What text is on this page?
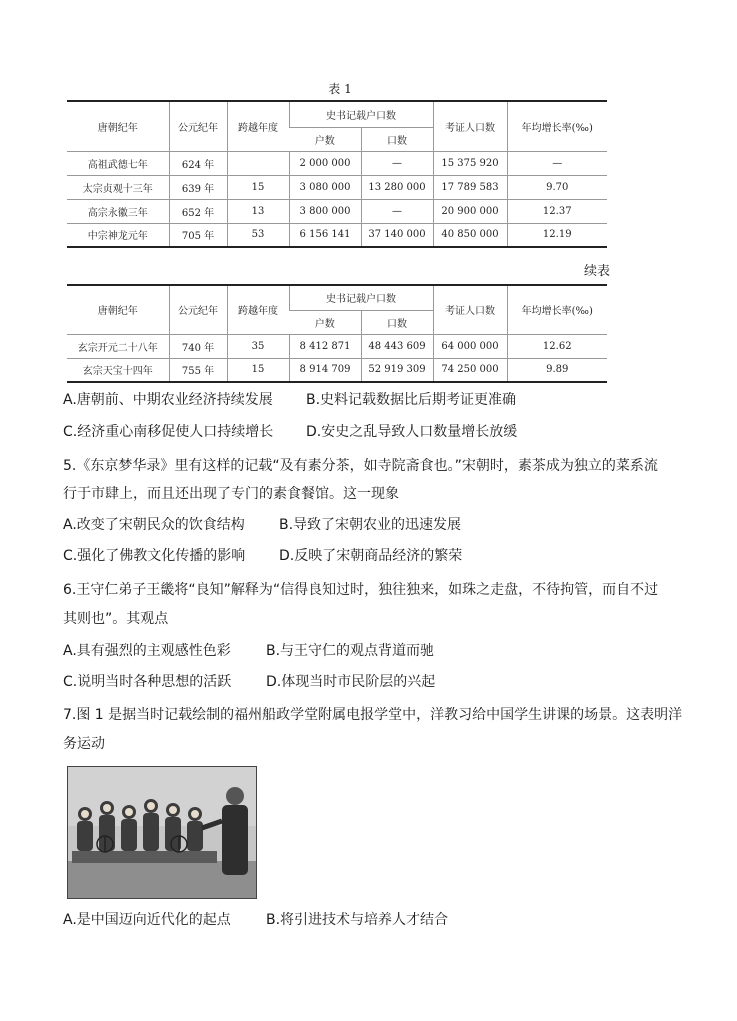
表 1
唐朝纪年	公元纪年	跨越年度	史书记载户口数		考证人口数	年均增长率(‰)
			户数	口数		
高祖武德七年	624 年		2 000 000	—	15 375 920	—
太宗贞观十三年	639 年	15	3 080 000	13 280 000	17 789 583	9.70
高宗永徽三年	652 年	13	3 800 000	—	20 900 000	12.37
中宗神龙元年	705 年	53	6 156 141	37 140 000	40 850 000	12.19
续表
唐朝纪年	公元纪年	跨越年度	史书记载户口数		考证人口数	年均增长率(‰)
			户数	口数		
玄宗开元二十八年	740 年	35	8 412 871	48 443 609	64 000 000	12.62
玄宗天宝十四年	755 年	15	8 914 709	52 919 309	74 250 000	9.89
A.唐朝前、中期农业经济持续发展 B.史料记载数据比后期考证更准确
C.经济重心南移促使人口持续增长 D.安史之乱导致人口数量增长放缓
5.《东京梦华录》里有这样的记载“及有素分茶，如寺院斋食也。”宋朝时，素茶成为独立的菜系流
行于市肆上，而且还出现了专门的素食餐馆。这一现象
A.改变了宋朝民众的饮食结构 B.导致了宋朝农业的迅速发展
C.强化了佛教文化传播的影响 D.反映了宋朝商品经济的繁荣
6.王守仁弟子王畿将“良知”解释为“信得良知过时，独往独来，如珠之走盘，不待拘管，而自不过
其则也”。其观点
A.具有强烈的主观感性色彩	B.与王守仁的观点背道而驰
C.说明当时各种思想的活跃 D.体现当时市民阶层的兴起
7.图 1 是据当时记载绘制的福州船政学堂附属电报学堂中，洋教习给中国学生讲课的场景。这表明洋
务运动
A.是中国迈向近代化的起点	B.将引进技术与培养人才结合
